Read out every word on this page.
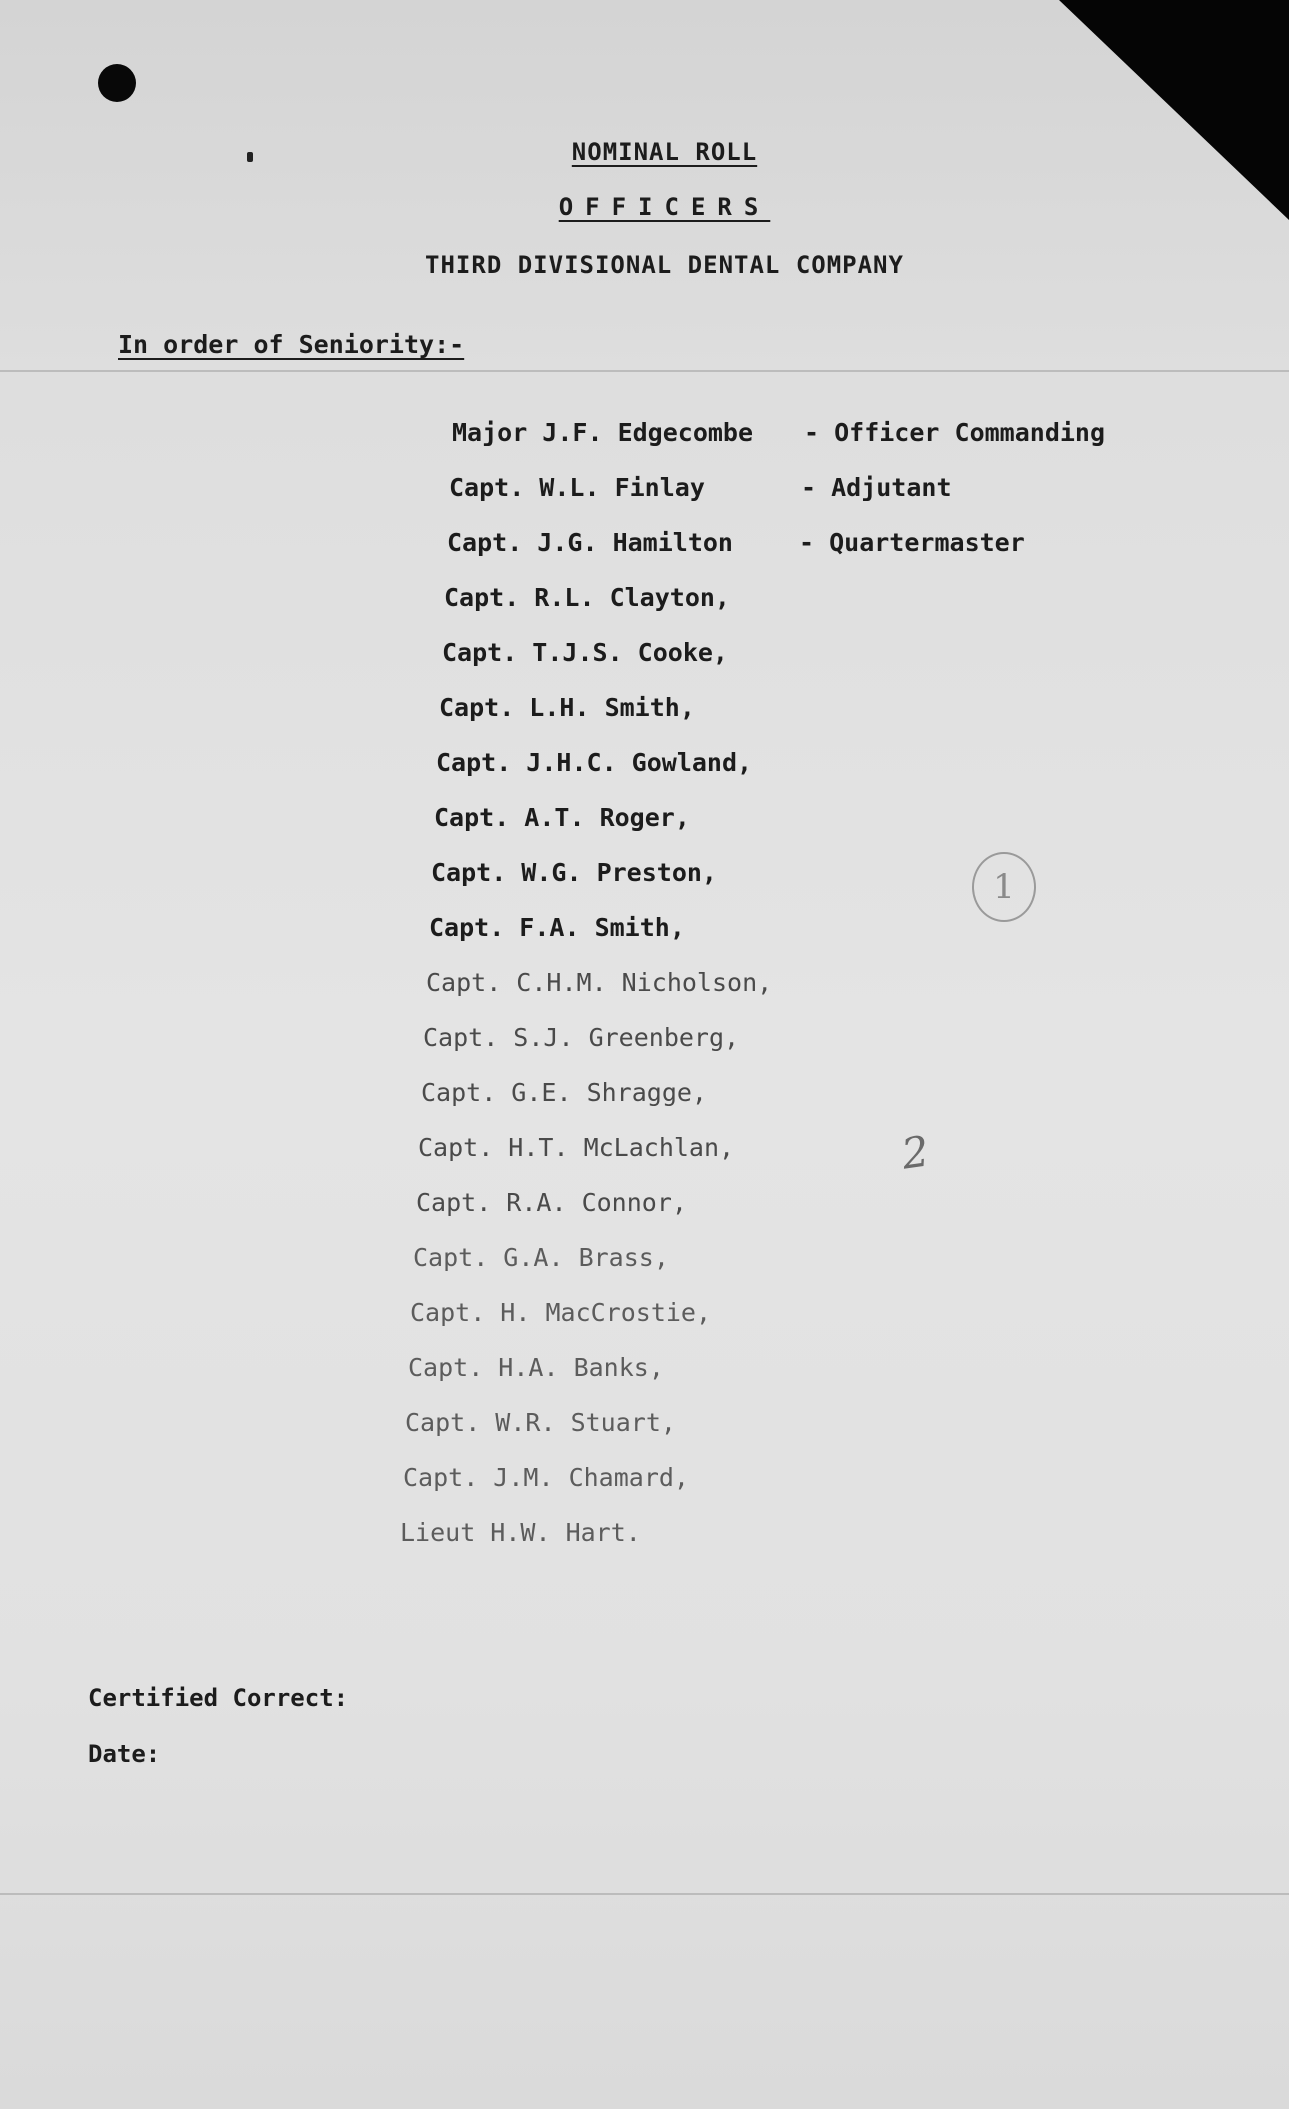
NOMINAL ROLL
OFFICERS
THIRD DIVISIONAL DENTAL COMPANY
In order of Seniority:-
Major J.F. Edgecombe - Officer Commanding
Capt. W.L. Finlay	- Adjutant
Capt. J.G. Hamilton	- Quartermaster
Capt. R.L. Clayton,
Capt. T.J.S. Cooke,
Capt. L.H. Smith,
Capt. J.H.C. Gowland,
Capt. A.T. Roger,
Capt. W.G. Preston,
Capt. F.A. Smith,
Capt. C.H.M. Nicholson,
Capt. S.J. Greenberg,
Capt. G.E. Shragge,
Capt. H.T. McLachlan,
Capt. R.A. Connor,
Capt. G.A. Brass,
Capt. H. MacCrostie,
Capt. H.A. Banks,
Capt. W.R. Stuart,
Capt. J.M. Chamard,
Lieut H.W. Hart.
1
2
Certified Correct:
Date:
